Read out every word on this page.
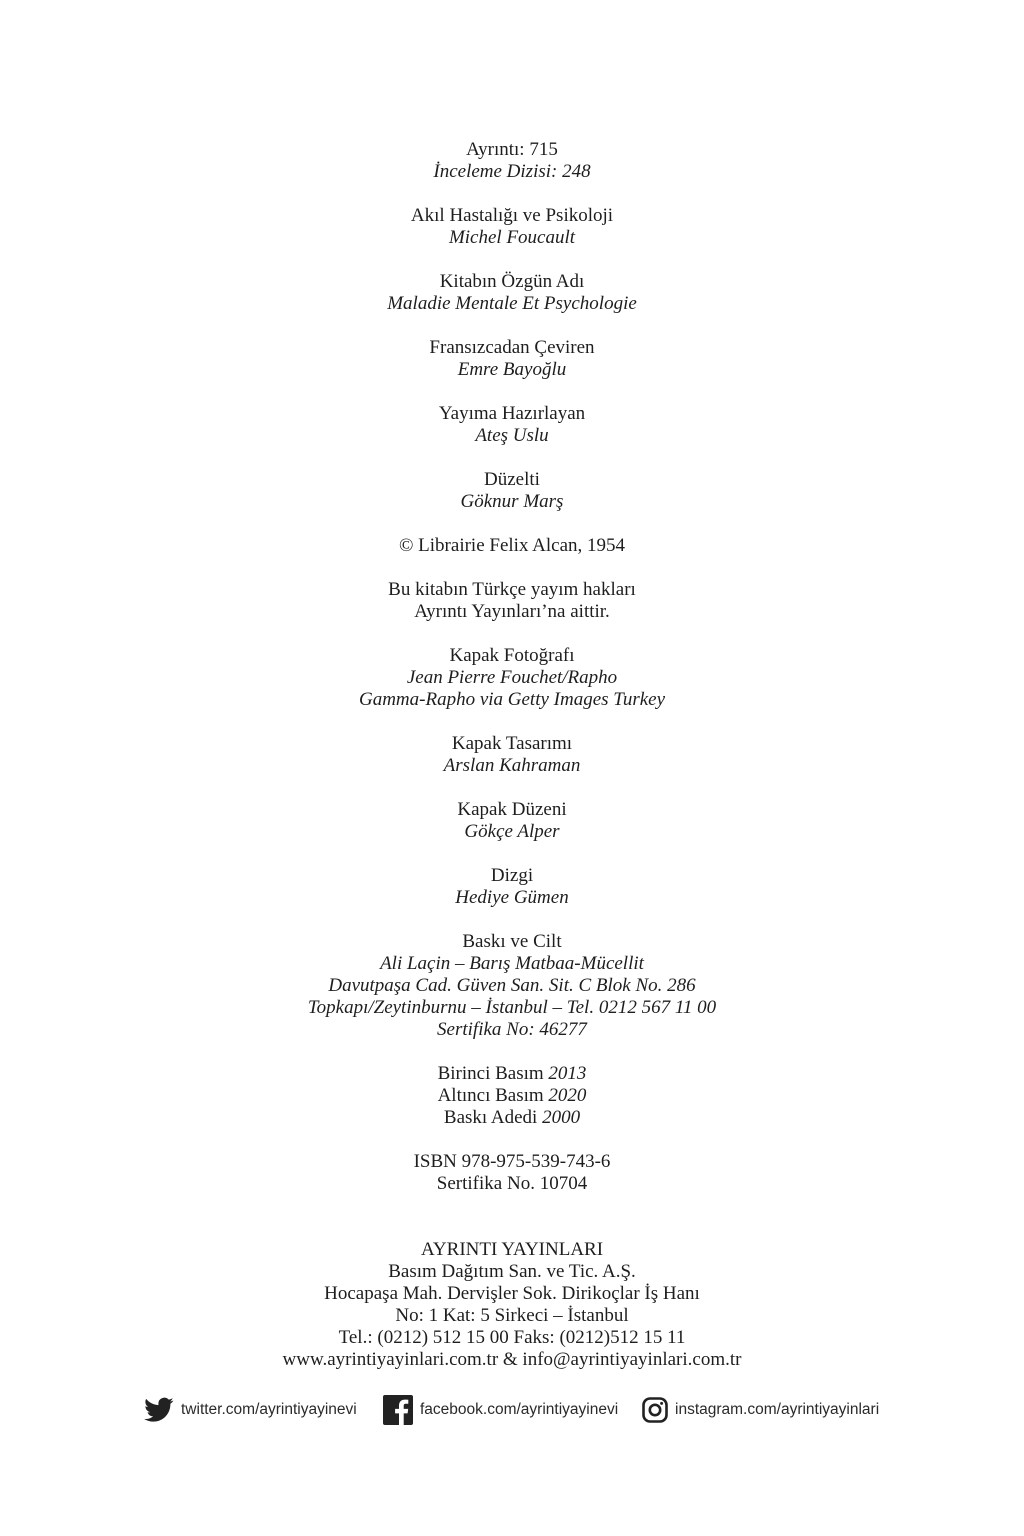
Ayrıntı: 715
İnceleme Dizisi: 248
Akıl Hastalığı ve Psikoloji
Michel Foucault
Kitabın Özgün Adı
Maladie Mentale Et Psychologie
Fransızcadan Çeviren
Emre Bayoğlu
Yayıma Hazırlayan
Ateş Uslu
Düzelti
Göknur Marş
© Librairie Felix Alcan, 1954
Bu kitabın Türkçe yayım hakları
Ayrıntı Yayınları’na aittir.
Kapak Fotoğrafı
Jean Pierre Fouchet/Rapho
Gamma-Rapho via Getty Images Turkey
Kapak Tasarımı
Arslan Kahraman
Kapak Düzeni
Gökçe Alper
Dizgi
Hediye Gümen
Baskı ve Cilt
Ali Laçin – Barış Matbaa-Mücellit
Davutpaşa Cad. Güven San. Sit. C Blok No. 286
Topkapı/Zeytinburnu – İstanbul – Tel. 0212 567 11 00
Sertifika No: 46277
Birinci Basım 2013
Altıncı Basım 2020
Baskı Adedi 2000
ISBN 978-975-539-743-6
Sertifika No. 10704
AYRINTI YAYINLARI
Basım Dağıtım San. ve Tic. A.Ş.
Hocapaşa Mah. Dervişler Sok. Dirikoçlar İş Hanı
No: 1 Kat: 5 Sirkeci – İstanbul
Tel.: (0212) 512 15 00 Faks: (0212)512 15 11
www.ayrintiyayinlari.com.tr & info@ayrintiyayinlari.com.tr
twitter.com/ayrintiyayinevi	facebook.com/ayrintiyayinevi	instagram.com/ayrintiyayinlari
